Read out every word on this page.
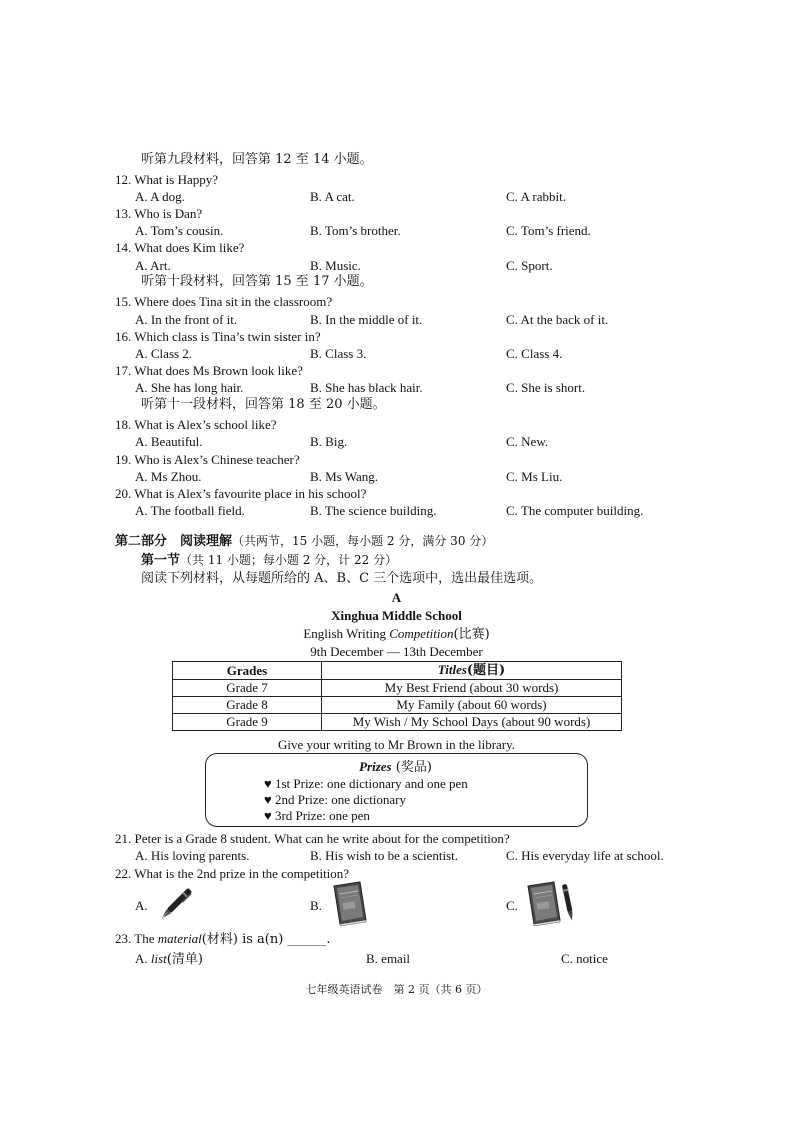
听第九段材料，回答第 12 至 14 小题。
12. What is Happy?
A. A dog.	B. A cat.	C. A rabbit.
13. Who is Dan?
A. Tom’s cousin.	B. Tom’s brother.	C. Tom’s friend.
14. What does Kim like?
A. Art.	B. Music.	C. Sport.
听第十段材料，回答第 15 至 17 小题。
15. Where does Tina sit in the classroom?
A. In the front of it.	B. In the middle of it.	C. At the back of it.
16. Which class is Tina’s twin sister in?
A. Class 2.	B. Class 3.	C. Class 4.
17. What does Ms Brown look like?
A. She has long hair.	B. She has black hair.	C. She is short.
听第十一段材料，回答第 18 至 20 小题。
18. What is Alex’s school like?
A. Beautiful.	B. Big.	C. New.
19. Who is Alex’s Chinese teacher?
A. Ms Zhou.	B. Ms Wang.	C. Ms Liu.
20. What is Alex’s favourite place in his school?
A. The football field.	B. The science building.	C. The computer building.
第二部分　阅读理解（共两节，15 小题，每小题 2 分，满分 30 分）
第一节（共 11 小题；每小题 2 分，计 22 分）
阅读下列材料，从每题所给的 A、B、C 三个选项中，选出最佳选项。
A
Xinghua Middle School
English Writing Competition(比赛)
9th December — 13th December
Grades	Titles(题目)
Grade 7	My Best Friend (about 30 words)
Grade 8	My Family (about 60 words)
Grade 9	My Wish / My School Days (about 90 words)
Give your writing to Mr Brown in the library.
Prizes (奖品)
♥ 1st Prize: one dictionary and one pen
♥ 2nd Prize: one dictionary
♥ 3rd Prize: one pen
21. Peter is a Grade 8 student. What can he write about for the competition?
A. His loving parents.	B. His wish to be a scientist.	C. His everyday life at school.
22. What is the 2nd prize in the competition?
A.	B.	C.
23. The material(材料) is a(n) ______.
A. list(清单)	B. email	C. notice
七年级英语试卷　第 2 页（共 6 页）
